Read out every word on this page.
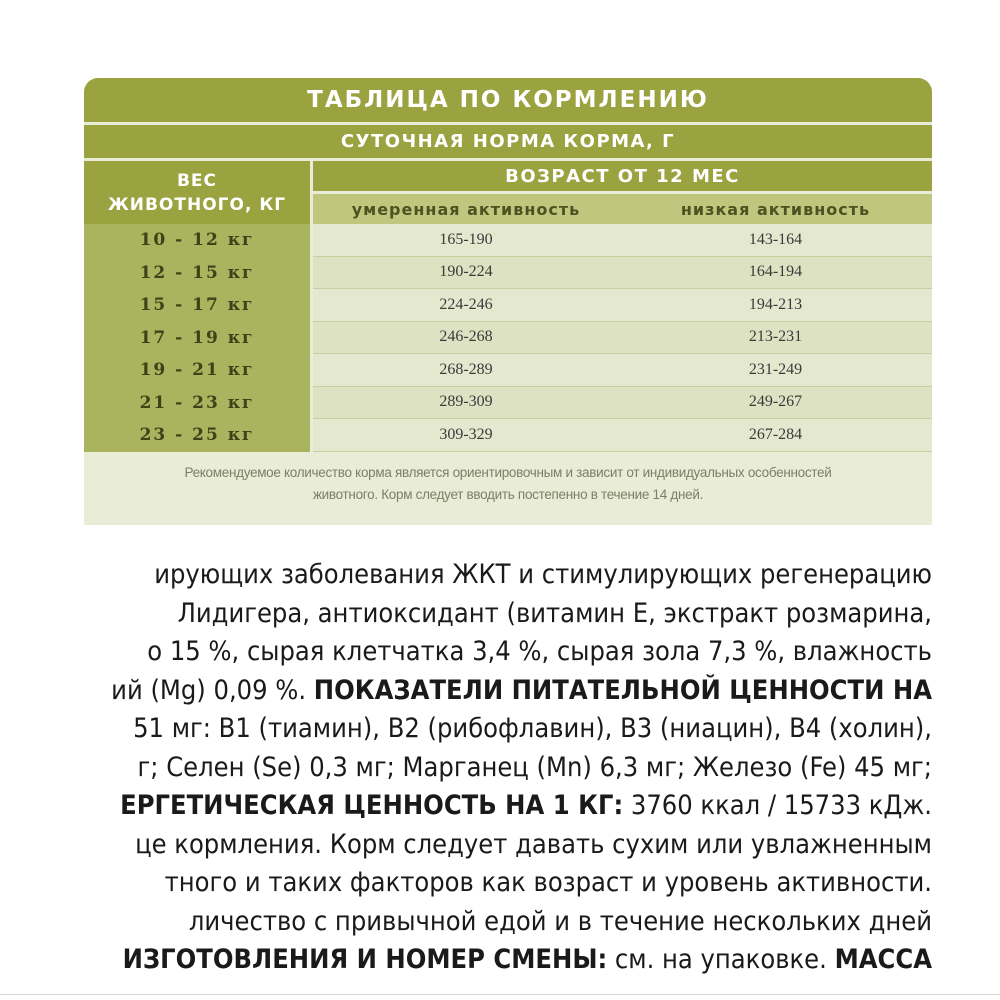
ТАБЛИЦА ПО КОРМЛЕНИЮ
СУТОЧНАЯ НОРМА КОРМА, Г
ВЕС
ЖИВОТНОГО, КГ
ВОЗРАСТ ОТ 12 МЕС
умеренная активность	низкая активность
10 - 12 кг	165-190	143-164
12 - 15 кг	190-224	164-194
15 - 17 кг	224-246	194-213
17 - 19 кг	246-268	213-231
19 - 21 кг	268-289	231-249
21 - 23 кг	289-309	249-267
23 - 25 кг	309-329	267-284
Рекомендуемое количество корма является ориентировочным и зависит от индивидуальных особенностей
животного. Корм следует вводить постепенно в течение 14 дней.
ирующих заболевания ЖКТ и стимулирующих регенерацию
Лидигера, антиоксидант (витамин Е, экстракт розмарина,
о 15 %, сырая клетчатка 3,4 %, сырая зола 7,3 %, влажность
ий (Mg) 0,09 %. ПОКАЗАТЕЛИ ПИТАТЕЛЬНОЙ ЦЕННОСТИ НА
51 мг: B1 (тиамин), B2 (рибофлавин), B3 (ниацин), B4 (холин),
г; Селен (Se) 0,3 мг; Марганец (Mn) 6,3 мг; Железо (Fe) 45 мг;
ЕРГЕТИЧЕСКАЯ ЦЕННОСТЬ НА 1 КГ: 3760 ккал / 15733 кДж.
це кормления. Корм следует давать сухим или увлажненным
тного и таких факторов как возраст и уровень активности.
личество с привычной едой и в течение нескольких дней
ИЗГОТОВЛЕНИЯ И НОМЕР СМЕНЫ: см. на упаковке. МАССА
